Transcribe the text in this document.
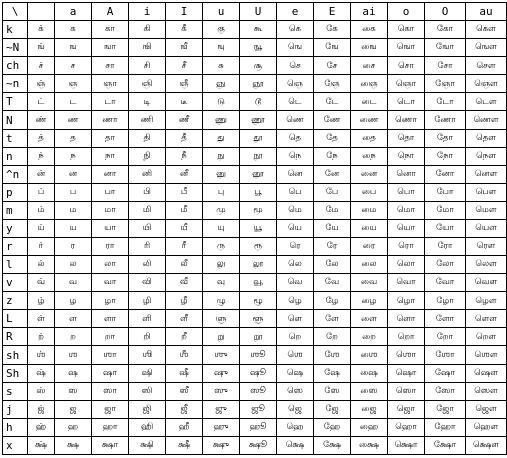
\		a	A	i	I	u	U	e	E	ai	o	O	au
k	க்	க	கா	கி	கீ	கு	கூ	கெ	கே	கை	கொ	கோ	கௌ
~N	ங்	ங	ஙா	ஙி	ஙீ	ஙு	ஙூ	ஙெ	ஙே	ஙை	ஙொ	ஙோ	ஙௌ
ch	ச்	ச	சா	சி	சீ	சு	சூ	செ	சே	சை	சொ	சோ	சௌ
~n	ஞ்	ஞ	ஞா	ஞி	ஞீ	ஞு	ஞூ	ஞெ	ஞே	ஞை	ஞொ	ஞோ	ஞௌ
T	ட்	ட	டா	டி	டீ	டு	டூ	டெ	டே	டை	டொ	டோ	டௌ
N	ண்	ண	ணா	ணி	ணீ	ணு	ணூ	ணெ	ணே	ணை	ணொ	ணோ	ணௌ
t	த்	த	தா	தி	தீ	து	தூ	தெ	தே	தை	தொ	தோ	தௌ
n	ந்	ந	நா	நி	நீ	நு	நூ	நெ	நே	நை	நொ	நோ	நௌ
^n	ன்	ன	னா	னி	னீ	னு	னூ	னெ	னே	னை	னொ	னோ	னௌ
p	ப்	ப	பா	பி	பீ	பு	பூ	பெ	பே	பை	பொ	போ	பௌ
m	ம்	ம	மா	மி	மீ	மு	மூ	மெ	மே	மை	மொ	மோ	மௌ
y	ய்	ய	யா	யி	யீ	யு	யூ	யெ	யே	யை	யொ	யோ	யௌ
r	ர்	ர	ரா	ரி	ரீ	ரு	ரூ	ரெ	ரே	ரை	ரொ	ரோ	ரௌ
l	ல்	ல	லா	லி	லீ	லு	லூ	லெ	லே	லை	லொ	லோ	லௌ
v	வ்	வ	வா	வி	வீ	வு	வூ	வெ	வே	வை	வொ	வோ	வௌ
z	ழ்	ழ	ழா	ழி	ழீ	ழு	ழூ	ழெ	ழே	ழை	ழொ	ழோ	ழௌ
L	ள்	ள	ளா	ளி	ளீ	ளு	ளூ	ளெ	ளே	ளை	ளொ	ளோ	ளௌ
R	ற்	ற	றா	றி	றீ	று	றூ	றெ	றே	றை	றொ	றோ	றௌ
sh	ஶ்	ஶ	ஶா	ஶி	ஶீ	ஶு	ஶூ	ஶெ	ஶே	ஶை	ஶொ	ஶோ	ஶௌ
Sh	ஷ்	ஷ	ஷா	ஷி	ஷீ	ஷு	ஷூ	ஷெ	ஷே	ஷை	ஷொ	ஷோ	ஷௌ
s	ஸ்	ஸ	ஸா	ஸி	ஸீ	ஸு	ஸூ	ஸெ	ஸே	ஸை	ஸொ	ஸோ	ஸௌ
j	ஜ்	ஜ	ஜா	ஜி	ஜீ	ஜு	ஜூ	ஜெ	ஜே	ஜை	ஜொ	ஜோ	ஜௌ
h	ஹ்	ஹ	ஹா	ஹி	ஹீ	ஹு	ஹூ	ஹெ	ஹே	ஹை	ஹொ	ஹோ	ஹௌ
x	க்ஷ்	க்ஷ	க்ஷா	க்ஷி	க்ஷீ	க்ஷு	க்ஷூ	க்ஷெ	க்ஷே	க்ஷை	க்ஷொ	க்ஷோ	க்ஷௌ
